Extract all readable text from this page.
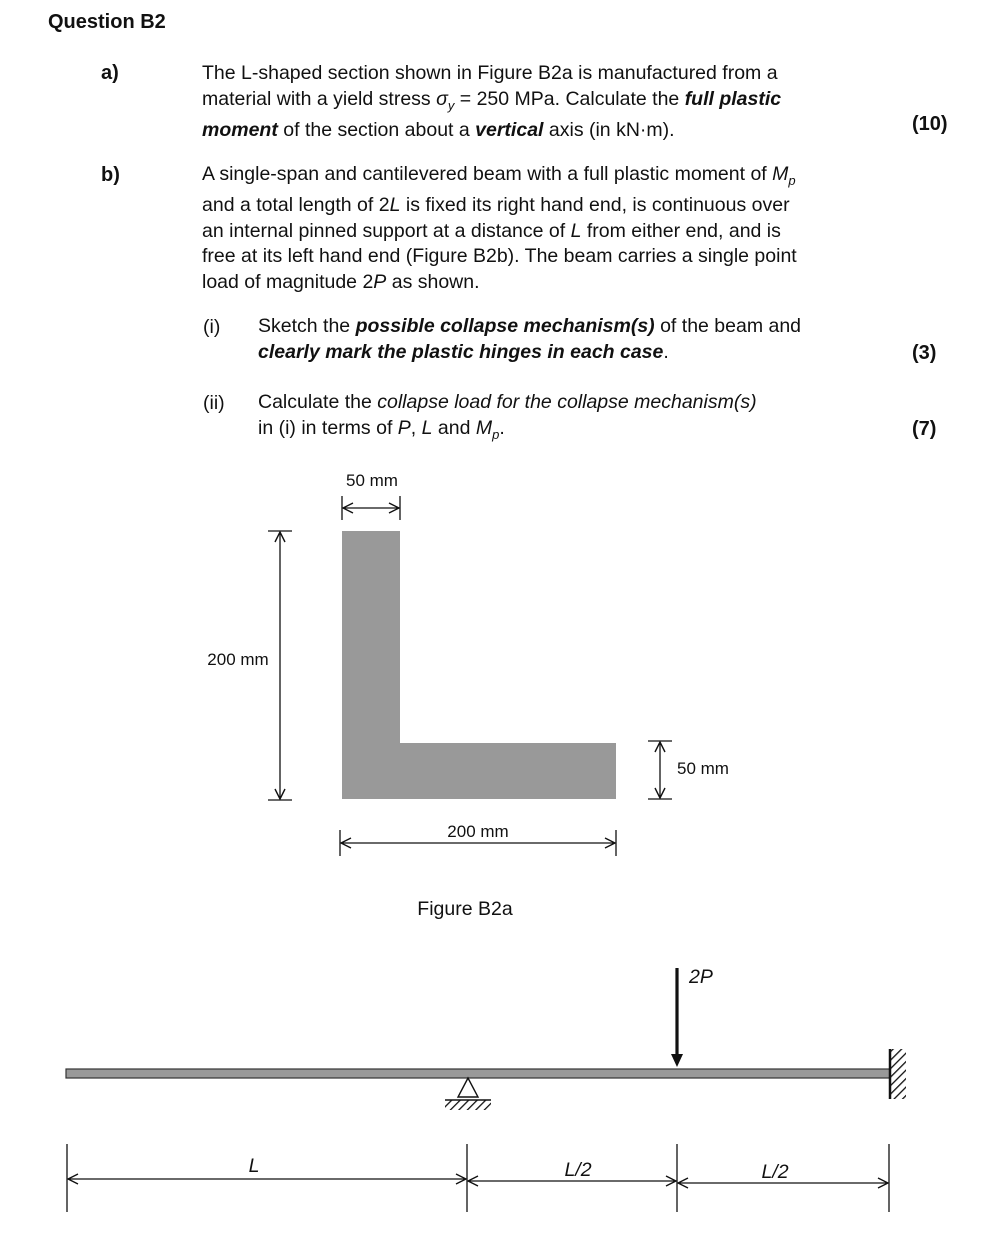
Question B2
a)	The L-shaped section shown in Figure B2a is manufactured from a
material with a yield stress $\sigma_y = 250$ MPa. Calculate the full plastic
moment of the section about a vertical axis (in kN·m).	(10)
b)	A single-span and cantilevered beam with a full plastic moment of $M_p$
and a total length of 2L is fixed its right hand end, is continuous over
an internal pinned support at a distance of L from either end, and is
free at its left hand end (Figure B2b). The beam carries a single point
load of magnitude 2P as shown.
(i) Sketch the possible collapse mechanism(s) of the beam and
clearly mark the plastic hinges in each case.	(3)
(ii) Calculate the collapse load for the collapse mechanism(s)
in (i) in terms of P, L and $M_p$.	(7)
50 mm
200 mm
50 mm
200 mm
Figure B2a
2P
L	L/2	L/2
